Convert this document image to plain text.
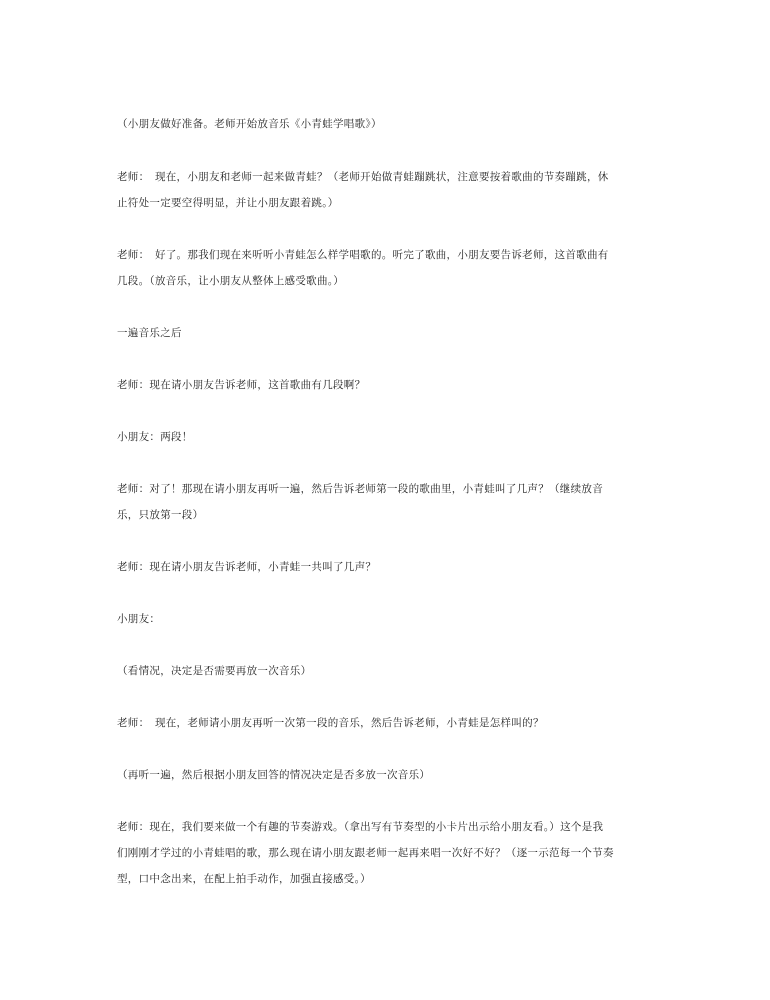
（小朋友做好准备。老师开始放音乐《小青蛙学唱歌》）
老师：　现在，小朋友和老师一起来做青蛙？（老师开始做青蛙蹦跳状，注意要按着歌曲的节奏蹦跳，休
止符处一定要空得明显，并让小朋友跟着跳。）
老师：　好了。那我们现在来听听小青蛙怎么样学唱歌的。听完了歌曲，小朋友要告诉老师，这首歌曲有
几段。（放音乐，让小朋友从整体上感受歌曲。）
一遍音乐之后
老师：现在请小朋友告诉老师，这首歌曲有几段啊？
小朋友：两段！
老师：对了！那现在请小朋友再听一遍，然后告诉老师第一段的歌曲里，小青蛙叫了几声？（继续放音
乐，只放第一段）
老师：现在请小朋友告诉老师，小青蛙一共叫了几声？
小朋友：
（看情况，决定是否需要再放一次音乐）
老师：　现在，老师请小朋友再听一次第一段的音乐，然后告诉老师，小青蛙是怎样叫的？
（再听一遍，然后根据小朋友回答的情况决定是否多放一次音乐）
老师：现在，我们要来做一个有趣的节奏游戏。（拿出写有节奏型的小卡片出示给小朋友看。）这个是我
们刚刚才学过的小青蛙唱的歌，那么现在请小朋友跟老师一起再来唱一次好不好？（逐一示范每一个节奏
型，口中念出来，在配上拍手动作，加强直接感受。）
